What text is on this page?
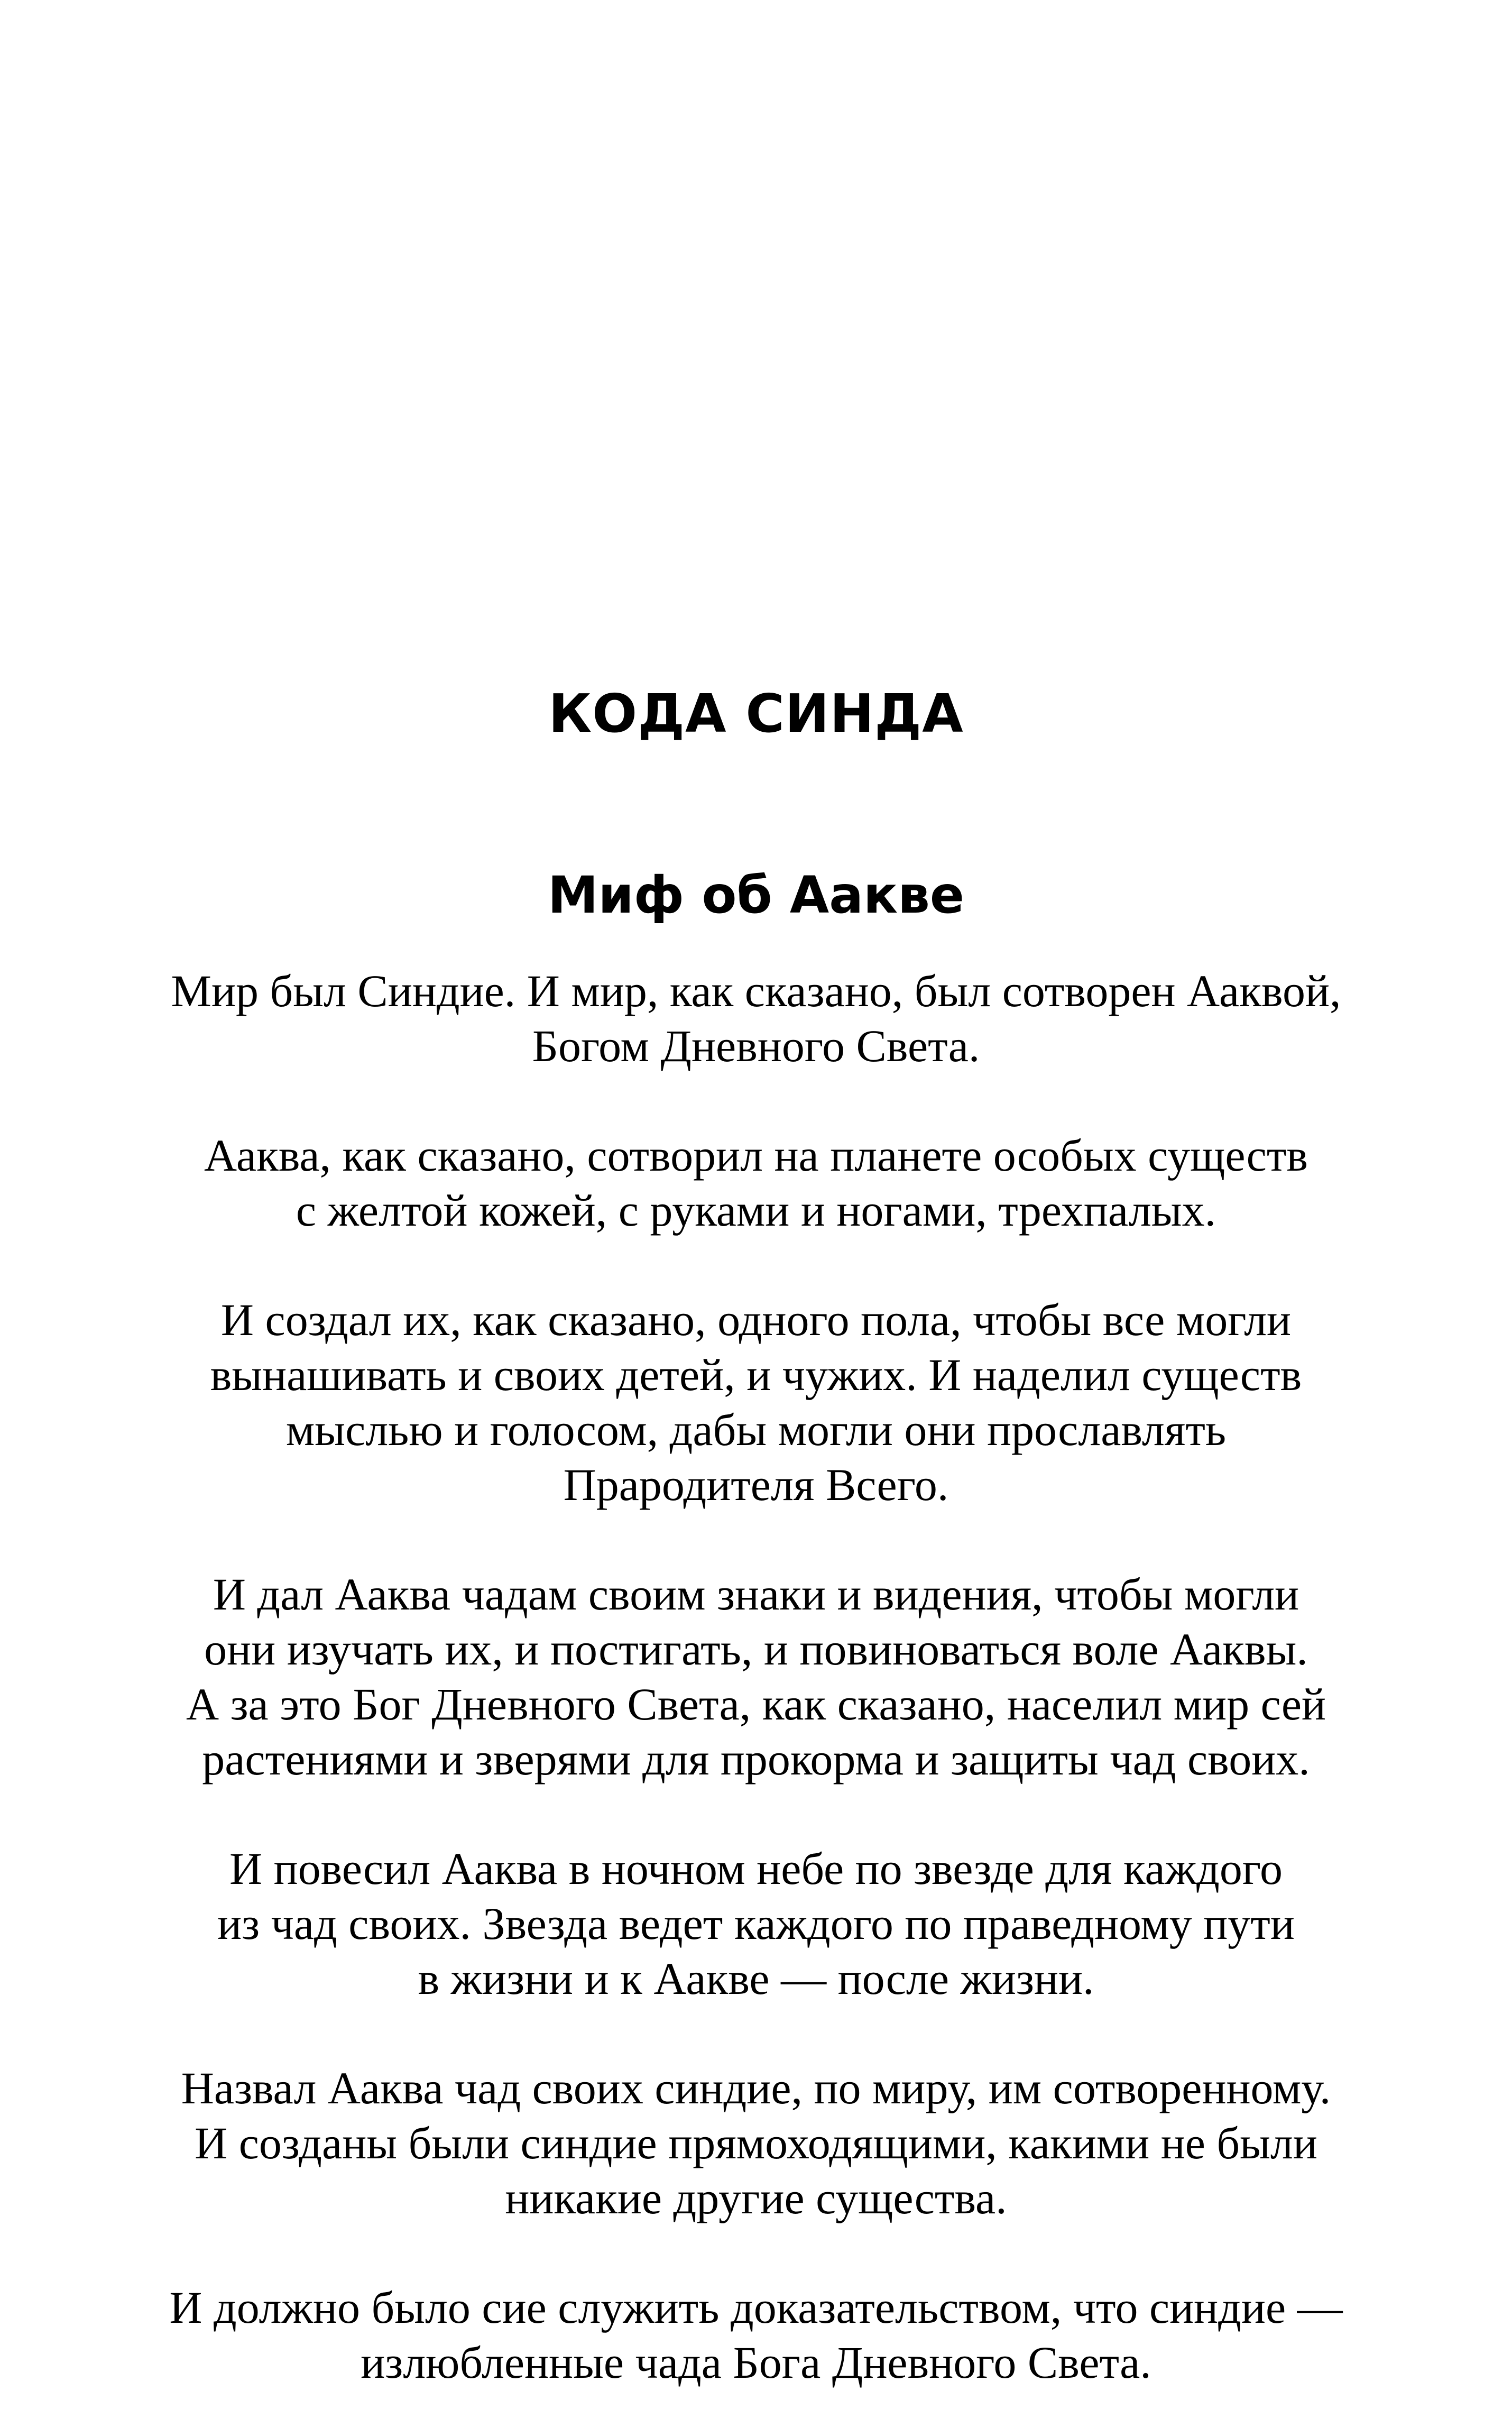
КОДА СИНДА
Миф об Аакве

Мир был Синдие. И мир, как сказано, был сотворен Ааквой,
Богом Дневного Света.

Ааква, как сказано, сотворил на планете особых существ
с желтой кожей, с руками и ногами, трехпалых.

И создал их, как сказано, одного пола, чтобы все могли
вынашивать и своих детей, и чужих. И наделил существ
мыслью и голосом, дабы могли они прославлять
Прародителя Всего.

И дал Ааква чадам своим знаки и видения, чтобы могли
они изучать их, и постигать, и повиноваться воле Ааквы.
А за это Бог Дневного Света, как сказано, населил мир сей
растениями и зверями для прокорма и защиты чад своих.

И повесил Ааква в ночном небе по звезде для каждого
из чад своих. Звезда ведет каждого по праведному пути
в жизни и к Аакве — после жизни.

Назвал Ааква чад своих синдие, по миру, им сотворенному.
И созданы были синдие прямоходящими, какими не были
никакие другие существа.

И должно было сие служить доказательством, что синдие —
излюбленные чада Бога Дневного Света.
